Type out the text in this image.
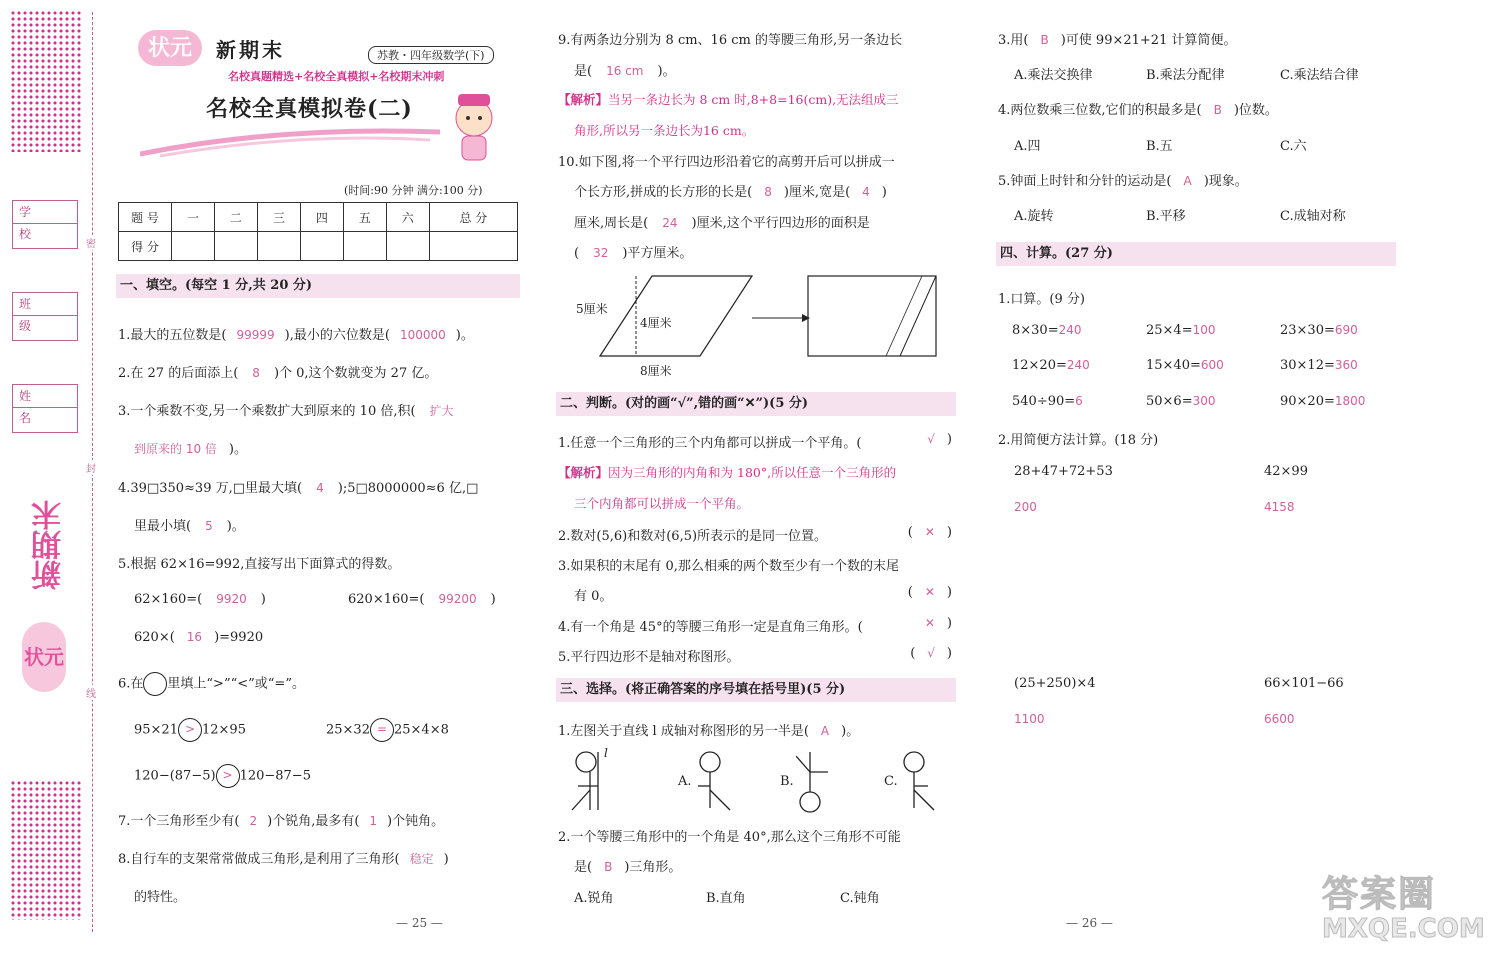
学 校
班 级
姓 名
新期末
状元
密
封
线
状元	新期末	苏教・四年级数学(下)
名校真题精选+名校全真模拟+名校期末冲刺
名校全真模拟卷(二)
(时间:90 分钟 满分:100 分)
题 号	一	二	三	四	五	六	总 分
得 分							
一、填空。(每空 1 分,共 20 分)
1.最大的五位数是( 99999 ),最小的六位数是( 100000 )。
2.在 27 的后面添上( 8 )个 0,这个数就变为 27 亿。
3.一个乘数不变,另一个乘数扩大到原来的 10 倍,积( 扩大
到原来的 10 倍 )。
4.39□350≈39 万,□里最大填( 4 );5□8000000≈6 亿,□
里最小填( 5 )。
5.根据 62×16=992,直接写出下面算式的得数。
62×160=( 9920 )	620×160=( 99200 )
620×( 16 )=9920
6.在 里填上“>”“<”或“=”。
95×21 > 12×95	25×32 = 25×4×8
120−(87−5) > 120−87−5
7.一个三角形至少有( 2 )个锐角,最多有( 1 )个钝角。
8.自行车的支架常常做成三角形,是利用了三角形( 稳定 )
的特性。
— 25 —
9.有两条边分别为 8 cm、16 cm 的等腰三角形,另一条边长
是( 16 cm )。
【解析】当另一条边长为 8 cm 时,8+8=16(cm),无法组成三
角形,所以另一条边长为16 cm。
10.如下图,将一个平行四边形沿着它的高剪开后可以拼成一
个长方形,拼成的长方形的长是( 8 )厘米,宽是( 4 )
厘米,周长是( 24 )厘米,这个平行四边形的面积是
( 32 )平方厘米。
5厘米
4厘米
8厘米
二、判断。(对的画“√”,错的画“✕”)(5 分)
1.任意一个三角形的三个内角都可以拼成一个平角。(	√ )
【解析】因为三角形的内角和为 180°,所以任意一个三角形的
三个内角都可以拼成一个平角。
2.数对(5,6)和数对(6,5)所表示的是同一位置。	( ✕ )
3.如果积的末尾有 0,那么相乘的两个数至少有一个数的末尾
有 0。	( ✕ )
4.有一个角是 45°的等腰三角形一定是直角三角形。(	✕ )
5.平行四边形不是轴对称图形。	( √ )
三、选择。(将正确答案的序号填在括号里)(5 分)
1.左图关于直线 l 成轴对称图形的另一半是( A )。
l
A.	B.	C.
2.一个等腰三角形中的一个角是 40°,那么这个三角形不可能
是( B )三角形。
A.锐角	B.直角	C.钝角
3.用( B )可使 99×21+21 计算简便。
A.乘法交换律	B.乘法分配律	C.乘法结合律
4.两位数乘三位数,它们的积最多是( B )位数。
A.四	B.五	C.六
5.钟面上时针和分针的运动是( A )现象。
A.旋转	B.平移	C.成轴对称
四、计算。(27 分)
1.口算。(9 分)
8×30=240	25×4=100	23×30=690
12×20=240	15×40=600	30×12=360
540÷90=6	50×6=300	90×20=1800
2.用简便方法计算。(18 分)
28+47+72+53
200
42×99
4158
(25+250)×4
1100
66×101−66
6600
— 26 —
答案圈
MXQE.COM
